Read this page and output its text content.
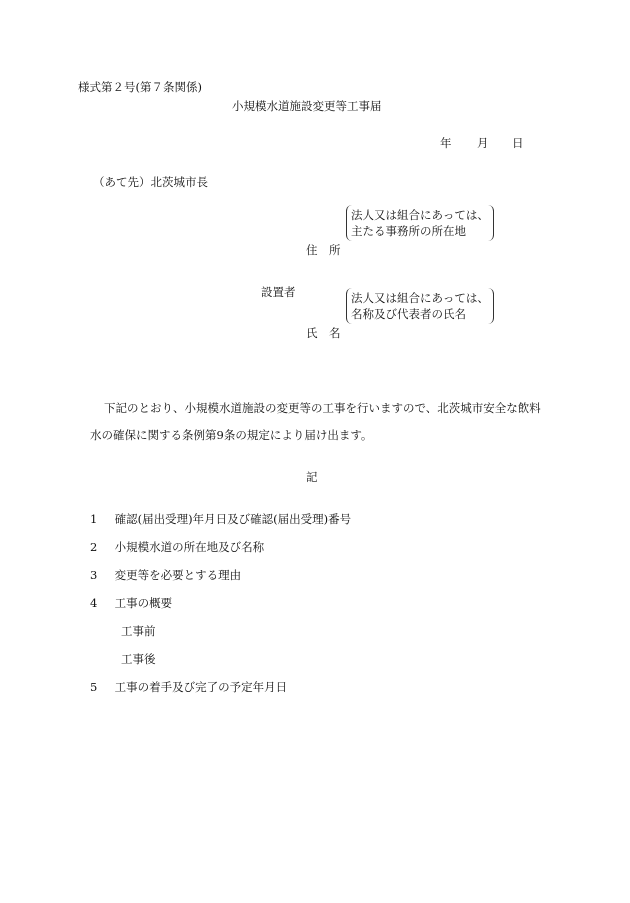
様式第２号(第７条関係)
小規模水道施設変更等工事届
年 月 日
（あて先）北茨城市長
法人又は組合にあっては、
主たる事務所の所在地
住　所
設置者	法人又は組合にあっては、
名称及び代表者の氏名
氏　名
下記のとおり、小規模水道施設の変更等の工事を行いますので、北茨城市安全な飲料
水の確保に関する条例第9条の規定により届け出ます。
記
1 確認(届出受理)年月日及び確認(届出受理)番号
2 小規模水道の所在地及び名称
3 変更等を必要とする理由
4 工事の概要
工事前
工事後
5 工事の着手及び完了の予定年月日
